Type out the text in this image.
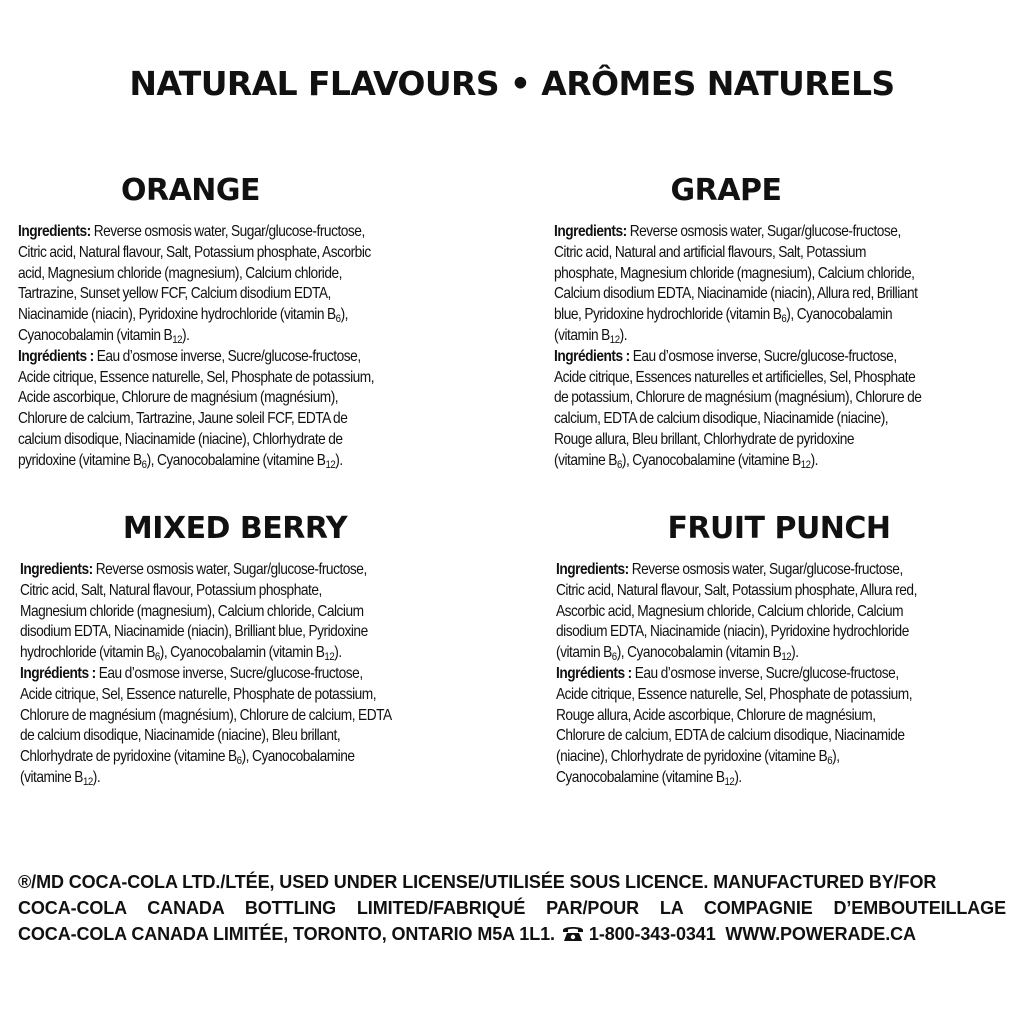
NATURAL FLAVOURS • ARÔMES NATURELS
ORANGE
Ingredients: Reverse osmosis water, Sugar/glucose-fructose,
Citric acid, Natural flavour, Salt, Potassium phosphate, Ascorbic
acid, Magnesium chloride (magnesium), Calcium chloride,
Tartrazine, Sunset yellow FCF, Calcium disodium EDTA,
Niacinamide (niacin), Pyridoxine hydrochloride (vitamin $B_6$),
Cyanocobalamin (vitamin $B_{12}$).
Ingrédients : Eau d’osmose inverse, Sucre/glucose-fructose,
Acide citrique, Essence naturelle, Sel, Phosphate de potassium,
Acide ascorbique, Chlorure de magnésium (magnésium),
Chlorure de calcium, Tartrazine, Jaune soleil FCF, EDTA de
calcium disodique, Niacinamide (niacine), Chlorhydrate de
pyridoxine (vitamine $B_6$), Cyanocobalamine (vitamine $B_{12}$).
GRAPE
Ingredients: Reverse osmosis water, Sugar/glucose-fructose,
Citric acid, Natural and artificial flavours, Salt, Potassium
phosphate, Magnesium chloride (magnesium), Calcium chloride,
Calcium disodium EDTA, Niacinamide (niacin), Allura red, Brilliant
blue, Pyridoxine hydrochloride (vitamin $B_6$), Cyanocobalamin
(vitamin $B_{12}$).
Ingrédients : Eau d’osmose inverse, Sucre/glucose-fructose,
Acide citrique, Essences naturelles et artificielles, Sel, Phosphate
de potassium, Chlorure de magnésium (magnésium), Chlorure de
calcium, EDTA de calcium disodique, Niacinamide (niacine),
Rouge allura, Bleu brillant, Chlorhydrate de pyridoxine
(vitamine $B_6$), Cyanocobalamine (vitamine $B_{12}$).
MIXED BERRY
Ingredients: Reverse osmosis water, Sugar/glucose-fructose,
Citric acid, Salt, Natural flavour, Potassium phosphate,
Magnesium chloride (magnesium), Calcium chloride, Calcium
disodium EDTA, Niacinamide (niacin), Brilliant blue, Pyridoxine
hydrochloride (vitamin $B_6$), Cyanocobalamin (vitamin $B_{12}$).
Ingrédients : Eau d’osmose inverse, Sucre/glucose-fructose,
Acide citrique, Sel, Essence naturelle, Phosphate de potassium,
Chlorure de magnésium (magnésium), Chlorure de calcium, EDTA
de calcium disodique, Niacinamide (niacine), Bleu brillant,
Chlorhydrate de pyridoxine (vitamine $B_6$), Cyanocobalamine
(vitamine $B_{12}$).
FRUIT PUNCH
Ingredients: Reverse osmosis water, Sugar/glucose-fructose,
Citric acid, Natural flavour, Salt, Potassium phosphate, Allura red,
Ascorbic acid, Magnesium chloride, Calcium chloride, Calcium
disodium EDTA, Niacinamide (niacin), Pyridoxine hydrochloride
(vitamin $B_6$), Cyanocobalamin (vitamin $B_{12}$).
Ingrédients : Eau d’osmose inverse, Sucre/glucose-fructose,
Acide citrique, Essence naturelle, Sel, Phosphate de potassium,
Rouge allura, Acide ascorbique, Chlorure de magnésium,
Chlorure de calcium, EDTA de calcium disodique, Niacinamide
(niacine), Chlorhydrate de pyridoxine (vitamine $B_6$),
Cyanocobalamine (vitamine $B_{12}$).
®/MD COCA-COLA LTD./LTÉE, USED UNDER LICENSE/UTILISÉE SOUS LICENCE. MANUFACTURED BY/FOR
COCA-COLA CANADA BOTTLING LIMITED/FABRIQUÉ PAR/POUR LA COMPAGNIE D’EMBOUTEILLAGE
COCA-COLA CANADA LIMITÉE, TORONTO, ONTARIO M5A 1L1. 1-800-343-0341 WWW.POWERADE.CA
